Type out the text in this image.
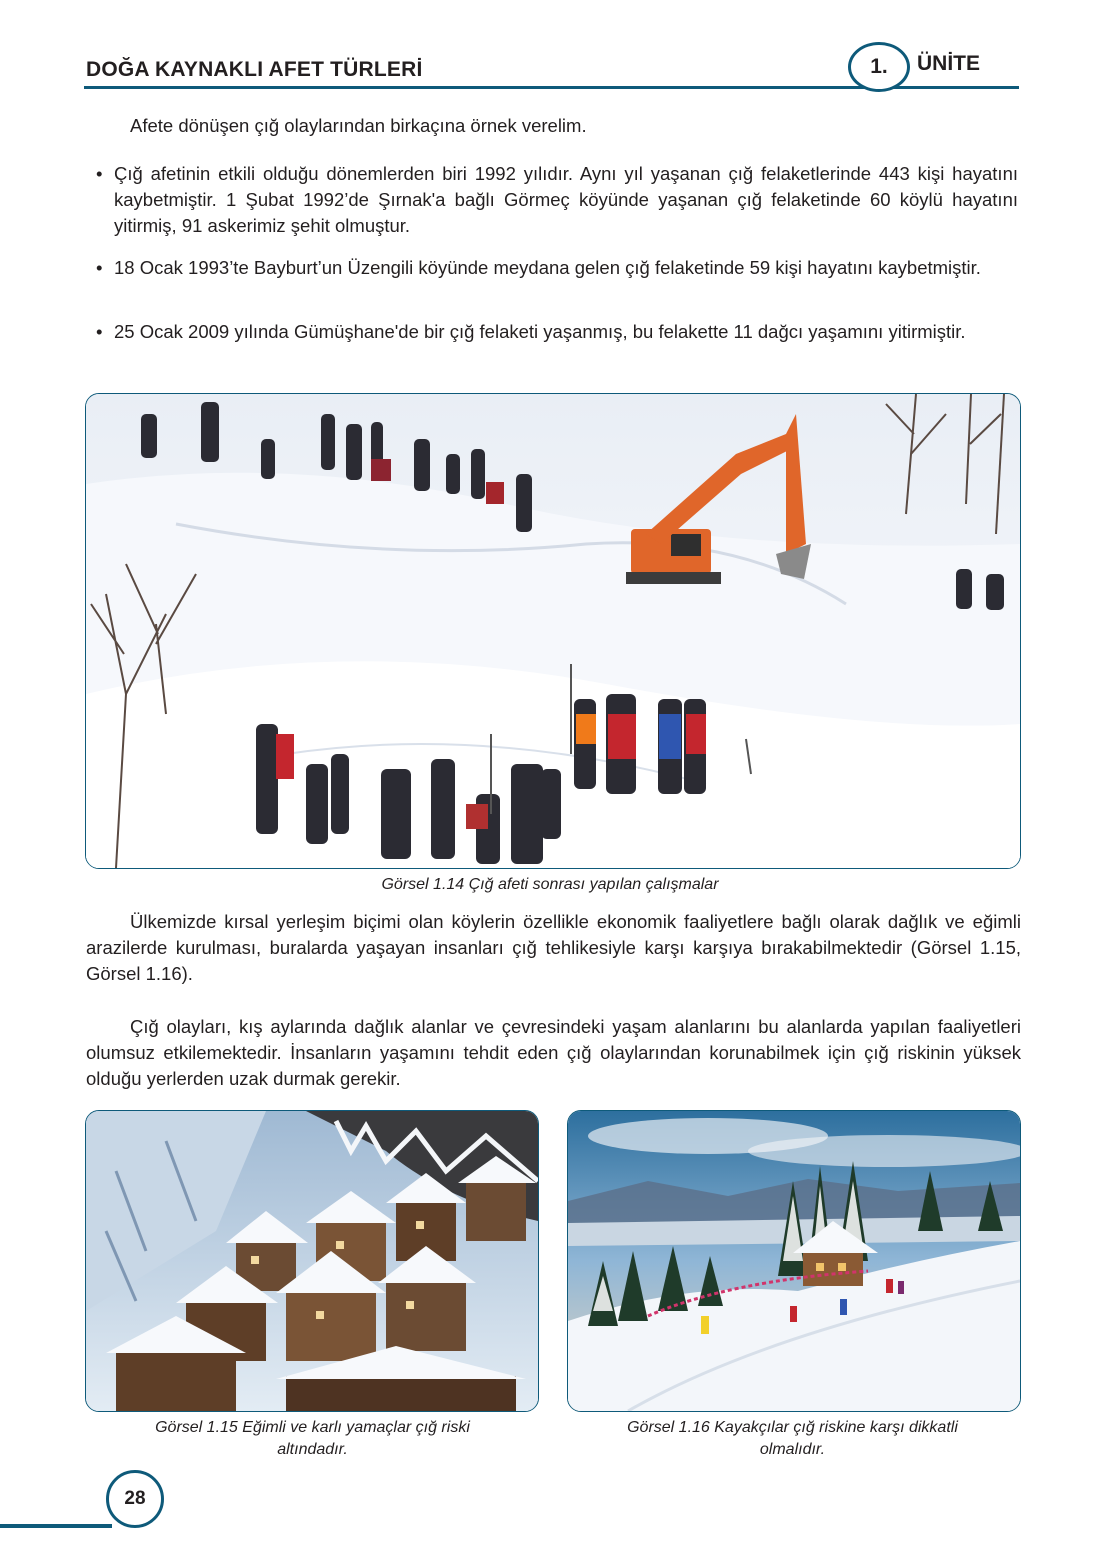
DOĞA KAYNAKLI AFET TÜRLERİ	1.	ÜNİTE

Afete dönüşen çığ olaylarından birkaçına örnek verelim.

• Çığ afetinin etkili olduğu dönemlerden biri 1992 yılıdır. Aynı yıl yaşanan çığ felaketlerinde 443 kişi hayatını kaybetmiştir. 1 Şubat 1992’de Şırnak'a bağlı Görmeç köyünde yaşanan çığ felaketinde 60 köylü hayatını yitirmiş, 91 askerimiz şehit olmuştur.
• 18 Ocak 1993’te Bayburt’un Üzengili köyünde meydana gelen çığ felaketinde 59 kişi hayatını kaybetmiştir.
• 25 Ocak 2009 yılında Gümüşhane'de bir çığ felaketi yaşanmış, bu felakette 11 dağcı yaşamını yitirmiştir.
Görsel 1.14 Çığ afeti sonrası yapılan çalışmalar

Ülkemizde kırsal yerleşim biçimi olan köylerin özellikle ekonomik faaliyetlere bağlı olarak dağlık ve eğimli arazilerde kurulması, buralarda yaşayan insanları çığ tehlikesiyle karşı karşıya bırakabilmektedir (Görsel 1.15, Görsel 1.16).

Çığ olayları, kış aylarında dağlık alanlar ve çevresindeki yaşam alanlarını bu alanlarda yapılan faaliyetleri olumsuz etkilemektedir. İnsanların yaşamını tehdit eden çığ olaylarından korunabilmek için çığ riskinin yüksek olduğu yerlerden uzak durmak gerekir.

Görsel 1.15 Eğimli ve karlı yamaçlar çığ riski
altındadır.
Görsel 1.16 Kayakçılar çığ riskine karşı dikkatli
olmalıdır.
28
